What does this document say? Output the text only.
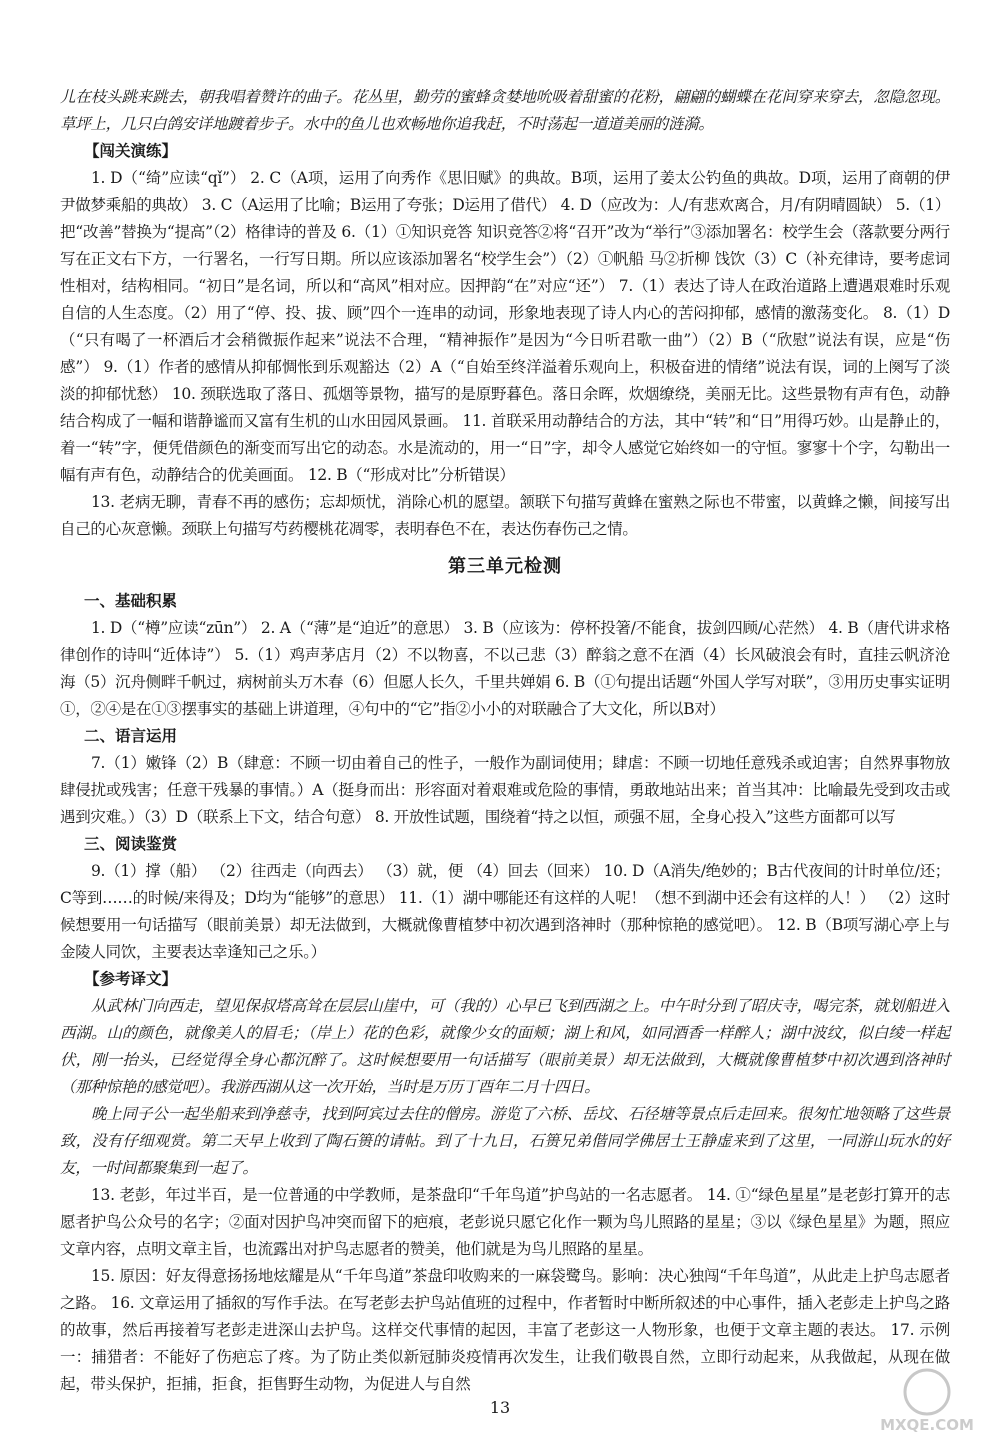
儿在枝头跳来跳去，朝我唱着赞许的曲子。花丛里，勤劳的蜜蜂贪婪地吮吸着甜蜜的花粉，翩翩的蝴蝶在花间穿来穿去，忽隐忽现。草坪上，几只白鸽安详地踱着步子。水中的鱼儿也欢畅地你追我赶，不时荡起一道道美丽的涟漪。

【闯关演练】

1. D（“绮”应读“qǐ”） 2. C（A项，运用了向秀作《思旧赋》的典故。B项，运用了姜太公钓鱼的典故。D项，运用了商朝的伊尹做梦乘船的典故） 3. C（A运用了比喻；B运用了夸张；D运用了借代） 4. D（应改为：人/有悲欢离合，月/有阴晴圆缺） 5.（1）把“改善”替换为“提高”（2）格律诗的普及 6.（1）①知识竞答 知识竞答②将“召开”改为“举行”③添加署名：校学生会（落款要分两行写在正文右下方，一行署名，一行写日期。所以应该添加署名“校学生会”）（2）①帆船 马②折柳 饯饮（3）C（补充律诗，要考虑词性相对，结构相同。“初日”是名词，所以和“高风”相对应。因押韵“在”对应“还”） 7.（1）表达了诗人在政治道路上遭遇艰难时乐观自信的人生态度。（2）用了“停、投、拔、顾”四个一连串的动词，形象地表现了诗人内心的苦闷抑郁，感情的激荡变化。 8.（1）D（“只有喝了一杯酒后才会稍微振作起来”说法不合理，“精神振作”是因为“今日听君歌一曲”）（2）B（“欣慰”说法有误，应是“伤感”） 9.（1）作者的感情从抑郁惆怅到乐观豁达（2）A（“自始至终洋溢着乐观向上，积极奋进的情绪”说法有误，词的上阕写了淡淡的抑郁忧愁） 10. 颈联选取了落日、孤烟等景物，描写的是原野暮色。落日余晖，炊烟缭绕，美丽无比。这些景物有声有色，动静结合构成了一幅和谐静谧而又富有生机的山水田园风景画。 11. 首联采用动静结合的方法，其中“转”和“日”用得巧妙。山是静止的，着一“转”字，便凭借颜色的渐变而写出它的动态。水是流动的，用一“日”字，却令人感觉它始终如一的守恒。寥寥十个字，勾勒出一幅有声有色，动静结合的优美画面。 12. B（“形成对比”分析错误）

13. 老病无聊，青春不再的感伤；忘却烦忧，消除心机的愿望。颔联下句描写黄蜂在蜜熟之际也不带蜜，以黄蜂之懒，间接写出自己的心灰意懒。颈联上句描写芍药樱桃花凋零，表明春色不在，表达伤春伤己之情。

第三单元检测
一、基础积累

1. D（“樽”应读“zūn”） 2. A（“薄”是“迫近”的意思） 3. B（应该为：停杯投箸/不能食，拔剑四顾/心茫然） 4. B（唐代讲求格律创作的诗叫“近体诗”） 5.（1）鸡声茅店月（2）不以物喜，不以己悲（3）醉翁之意不在酒（4）长风破浪会有时，直挂云帆济沧海（5）沉舟侧畔千帆过，病树前头万木春（6）但愿人长久，千里共婵娟 6. B（①句提出话题“外国人学写对联”，③用历史事实证明①，②④是在①③摆事实的基础上讲道理，④句中的“它”指②小小的对联融合了大文化，所以B对）

二、语言运用

7.（1）嫩锋（2）B（肆意：不顾一切由着自己的性子，一般作为副词使用；肆虐：不顾一切地任意残杀或迫害；自然界事物放肆侵扰或残害；任意干残暴的事情。）A（挺身而出：形容面对着艰难或危险的事情，勇敢地站出来；首当其冲：比喻最先受到攻击或遇到灾难。）（3）D（联系上下文，结合句意） 8. 开放性试题，围绕着“持之以恒，顽强不屈，全身心投入”这些方面都可以写

三、阅读鉴赏

9.（1）撑（船） （2）往西走（向西去） （3）就，便 （4）回去（回来） 10. D（A消失/绝妙的；B古代夜间的计时单位/还；C等到……的时候/来得及；D均为“能够”的意思） 11.（1）湖中哪能还有这样的人呢！（想不到湖中还会有这样的人！） （2）这时候想要用一句话描写（眼前美景）却无法做到，大概就像曹植梦中初次遇到洛神时（那种惊艳的感觉吧）。 12. B（B项写湖心亭上与金陵人同饮，主要表达幸逢知己之乐。）

【参考译文】

从武林门向西走，望见保叔塔高耸在层层山崖中，可（我的）心早已飞到西湖之上。中午时分到了昭庆寺，喝完茶，就划船进入西湖。山的颜色，就像美人的眉毛；（岸上）花的色彩，就像少女的面颊；湖上和风，如同酒香一样醉人；湖中波纹，似白绫一样起伏，刚一抬头，已经觉得全身心都沉醉了。这时候想要用一句话描写（眼前美景）却无法做到，大概就像曹植梦中初次遇到洛神时（那种惊艳的感觉吧）。我游西湖从这一次开始，当时是万历丁酉年二月十四日。

晚上同子公一起坐船来到净慈寺，找到阿宾过去住的僧房。游览了六桥、岳坟、石径塘等景点后走回来。很匆忙地领略了这些景致，没有仔细观赏。第二天早上收到了陶石篑的请帖。到了十九日，石篑兄弟偕同学佛居士王静虚来到了这里，一同游山玩水的好友，一时间都聚集到一起了。

13. 老彭，年过半百，是一位普通的中学教师，是茶盘印“千年鸟道”护鸟站的一名志愿者。 14. ①“绿色星星”是老彭打算开的志愿者护鸟公众号的名字；②面对因护鸟冲突而留下的疤痕，老彭说只愿它化作一颗为鸟儿照路的星星；③以《绿色星星》为题，照应文章内容，点明文章主旨，也流露出对护鸟志愿者的赞美，他们就是为鸟儿照路的星星。

15. 原因：好友得意扬扬地炫耀是从“千年鸟道”茶盘印收购来的一麻袋鹭鸟。影响：决心独闯“千年鸟道”，从此走上护鸟志愿者之路。 16. 文章运用了插叙的写作手法。在写老彭去护鸟站值班的过程中，作者暂时中断所叙述的中心事件，插入老彭走上护鸟之路的故事，然后再接着写老彭走进深山去护鸟。这样交代事情的起因，丰富了老彭这一人物形象，也便于文章主题的表达。 17. 示例一：捕猎者：不能好了伤疤忘了疼。为了防止类似新冠肺炎疫情再次发生，让我们敬畏自然，立即行动起来，从我做起，从现在做起，带头保护，拒捕，拒食，拒售野生动物，为促进人与自然

13
MXQE.COM
